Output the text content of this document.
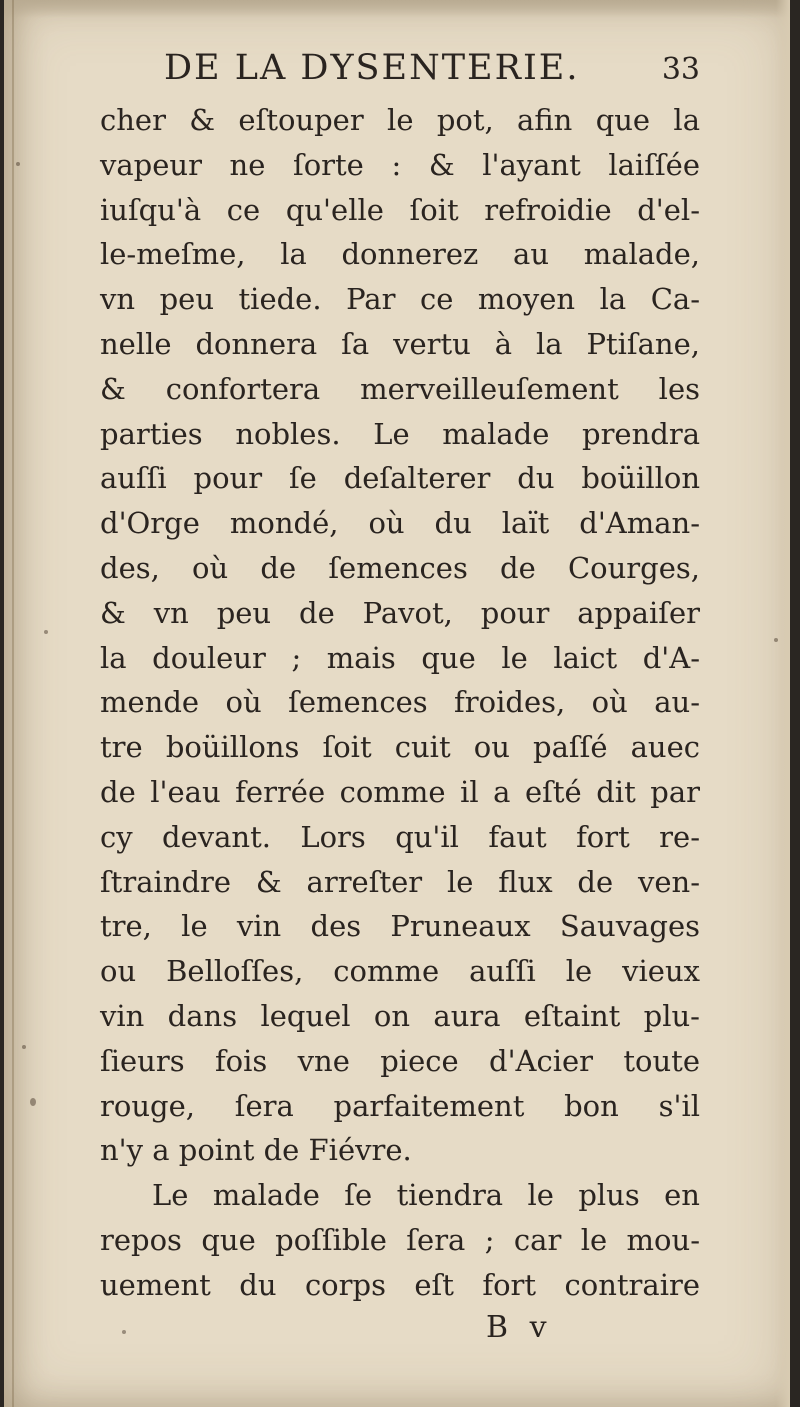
DE LA DYSENTERIE.	33
cher & eſtouper le pot, afin que la
vapeur ne ſorte : & l'ayant laiſſée
iuſqu'à ce qu'elle ſoit refroidie d'el-
le-meſme, la donnerez au malade,
vn peu tiede. Par ce moyen la Ca-
nelle donnera ſa vertu à la Ptiſane,
& confortera merveilleuſement les
parties nobles. Le malade prendra
auſſi pour ſe deſalterer du boüillon
d'Orge mondé, où du laït d'Aman-
des, où de ſemences de Courges,
& vn peu de Pavot, pour appaiſer
la douleur ; mais que le laict d'A-
mende où ſemences froides, où au-
tre boüillons ſoit cuit ou paſſé auec
de l'eau ferrée comme il a eſté dit par
cy devant. Lors qu'il faut fort re-
ſtraindre & arreſter le flux de ven-
tre, le vin des Pruneaux Sauvages
ou Belloſſes, comme auſſi le vieux
vin dans lequel on aura eſtaint plu-
ſieurs fois vne piece d'Acier toute
rouge, ſera parfaitement bon s'il
n'y a point de Fiévre.
Le malade ſe tiendra le plus en
repos que poſſible ſera ; car le mou-
uement du corps eſt fort contraire
B v
